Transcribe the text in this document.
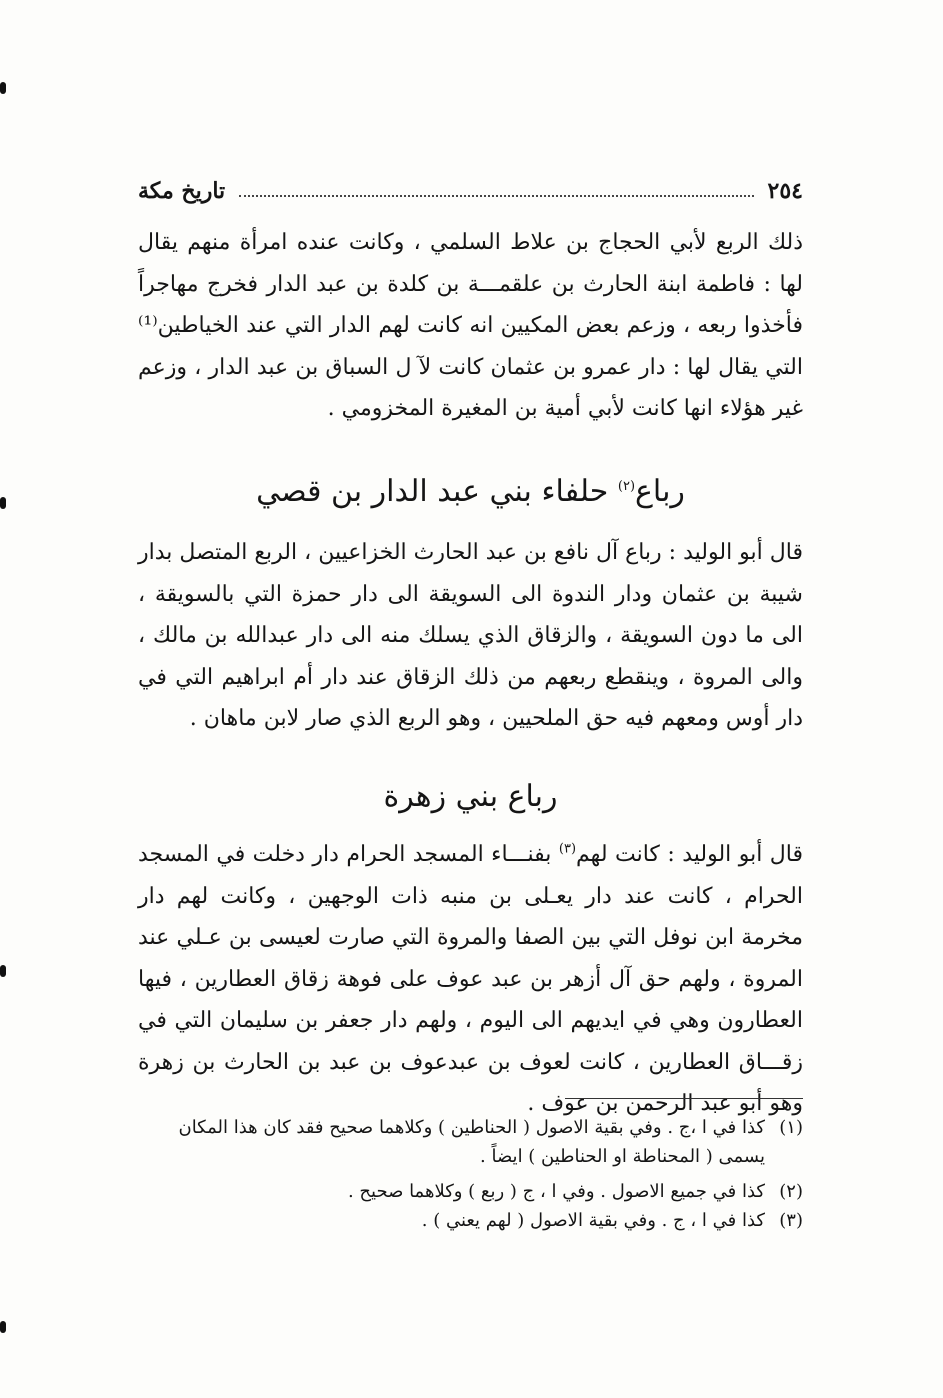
٢٥٤
تاريخ مكة

ذلك الربع لأبي الحجاج بن علاط السلمي ، وكانت عنده امرأة منهم يقال لها : فاطمة ابنة الحارث بن علقمـــة بن كلدة بن عبد الدار فخرج مهاجراً فأخذوا ربعه ، وزعم بعض المكيين انه كانت لهم الدار التي عند الخياطين⁽¹⁾ التي يقال لها : دار عمرو بن عثمان كانت لآ ل السباق بن عبد الدار ، وزعم غير هؤلاء انها كانت لأبي أمية بن المغيرة المخزومي .

رباع$^{(٢)}$ حلفاء بني عبد الدار بن قصي

قال أبو الوليد : رباع آل نافع بن عبد الحارث الخزاعيين ، الربع المتصل بدار شيبة بن عثمان ودار الندوة الى السويقة الى دار حمزة التي بالسويقة ، الى ما دون السويقة ، والزقاق الذي يسلك منه الى دار عبدالله بن مالك ، والى المروة ، وينقطع ربعهم من ذلك الزقاق عند دار أم ابراهيم التي في دار أوس ومعهم فيه حق الملحيين ، وهو الربع الذي صار لابن ماهان .

رباع بني زهرة

قال أبو الوليد : كانت لهم$^{(٣)}$ بفنـــاء المسجد الحرام دار دخلت في المسجد الحرام ، كانت عند دار يعـلى بن منبه ذات الوجهين ، وكانت لهم دار مخرمة ابن نوفل التي بين الصفا والمروة التي صارت لعيسى بن عـلي عند المروة ، ولهم حق آل أزهر بن عبد عوف على فوهة زقاق العطارين ، فيها العطارون وهي في ايديهم الى اليوم ، ولهم دار جعفر بن سليمان التي في زقـــاق العطارين ، كانت لعوف بن عبدعوف بن عبد بن الحارث بن زهرة وهو أبو عبد الرحمن بن عوف .

(١)
كذا في ا ،ج . وفي بقية الاصول ( الحناطين ) وكلاهما صحيح فقد كان هذا المكان يسمى ( المحناطة او الحناطين ) ايضاً .
(٢)
كذا في جميع الاصول . وفي ا ، ج ( ربع ) وكلاهما صحيح .
(٣)
كذا في ا ، ج . وفي بقية الاصول ( لهم يعني ) .
